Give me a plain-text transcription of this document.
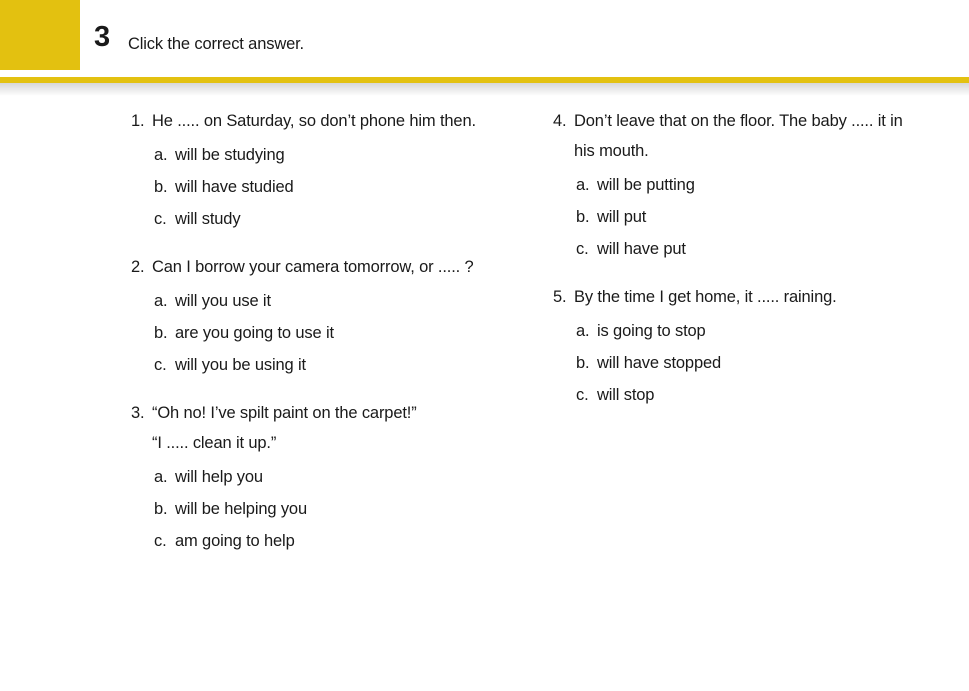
3 Click the correct answer.
1. He ..... on Saturday, so don’t phone him then.
a. will be studying
b. will have studied
c. will study
2. Can I borrow your camera tomorrow, or ..... ?
a. will you use it
b. are you going to use it
c. will you be using it
3. “Oh no! I’ve spilt paint on the carpet!”
“I ..... clean it up.”
a. will help you
b. will be helping you
c. am going to help
4. Don’t leave that on the floor. The baby ..... it in
his mouth.
a. will be putting
b. will put
c. will have put
5. By the time I get home, it ..... raining.
a. is going to stop
b. will have stopped
c. will stop
